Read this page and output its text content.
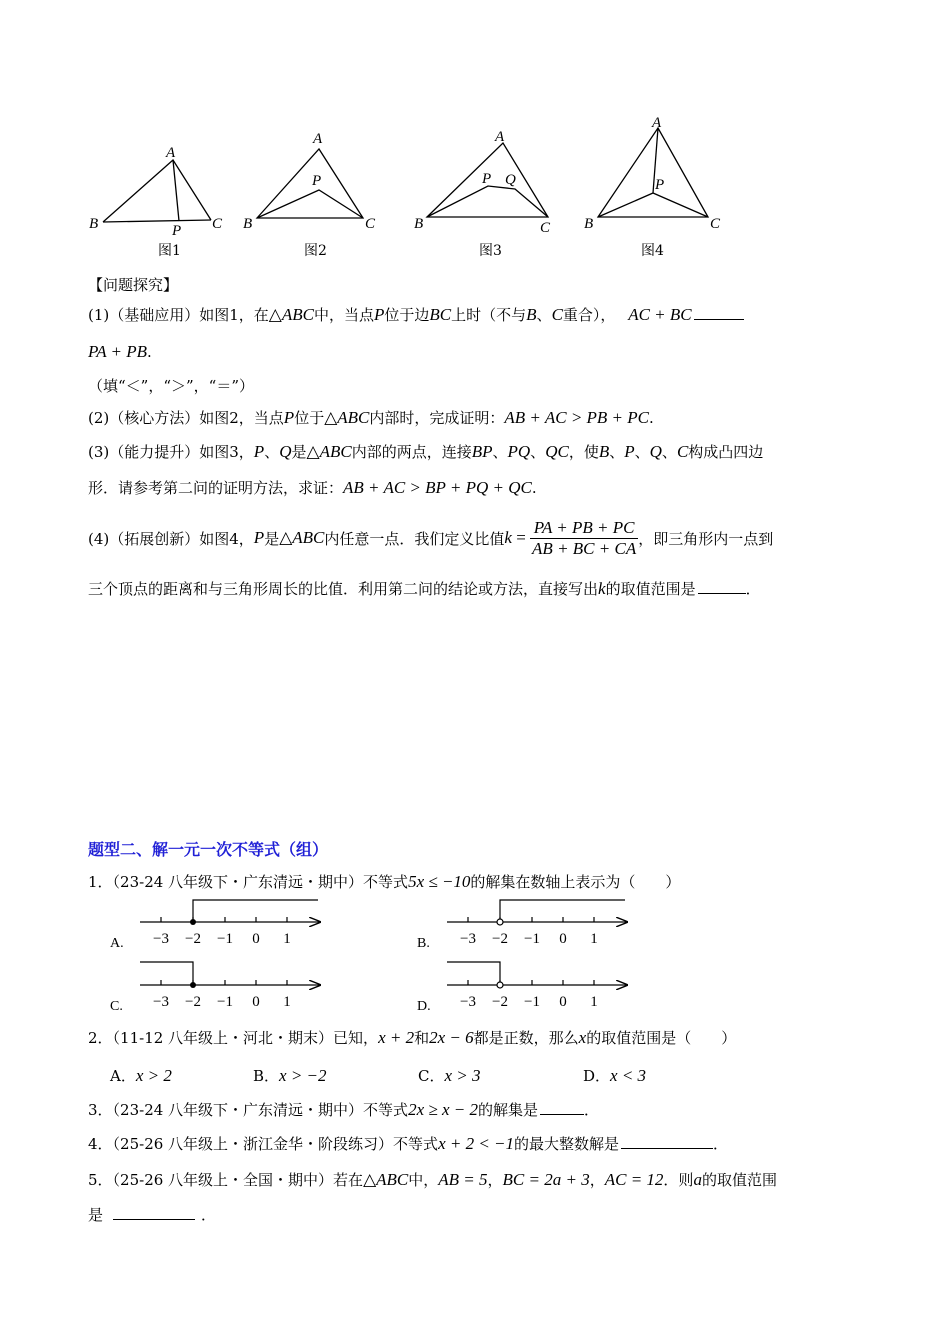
A
B	C
P
图1
A
P
B	C
图2
A
P Q
B	C
图3
A
P
B	C
图4
【问题探究】
(1)（基础应用）如图1，在△ABC中，当点P位于边BC上时（不与B、C重合）， AC + BC
PA + PB.
（填“＜”，“＞”，“＝”）
(2)（核心方法）如图2，当点P位于△ABC内部时，完成证明：AB + AC > PB + PC.
(3)（能力提升）如图3，P、Q是△ABC内部的两点，连接BP、PQ、QC，使B、P、Q、C构成凸四边
形．请参考第二问的证明方法，求证：AB + AC > BP + PQ + QC.
(4)（拓展创新）如图4， P 是 △ABC 内任意一点．我们定义比值 $k = \frac{PA + PB + PC}{AB + BC + CA}$ ，即三角形内一点到
三个顶点的距离和与三角形周长的比值．利用第二问的结论或方法，直接写出k的取值范围是	．
题型二、解一元一次不等式（组）
1．（23-24 八年级下・广东清远・期中）不等式5x ≤ −10的解集在数轴上表示为（　　）
A. −3 −2 −1 0 1	B. −3 −2 −1 0 1
C. −3 −2 −1 0 1	D. −3 −2 −1 0 1
2．（11-12 八年级上・河北・期末）已知，x + 2和2x − 6都是正数，那么x的取值范围是（　　）
A．x > 2	B．x > −2	C．x > 3	D．x < 3
3．（23-24 八年级下・广东清远・期中）不等式2x ≥ x − 2的解集是	．
4．（25-26 八年级上・浙江金华・阶段练习）不等式x + 2 < −1的最大整数解是	．
5．（25-26 八年级上・全国・期中）若在△ABC中，AB = 5，BC = 2a + 3，AC = 12．则a的取值范围
是	．
